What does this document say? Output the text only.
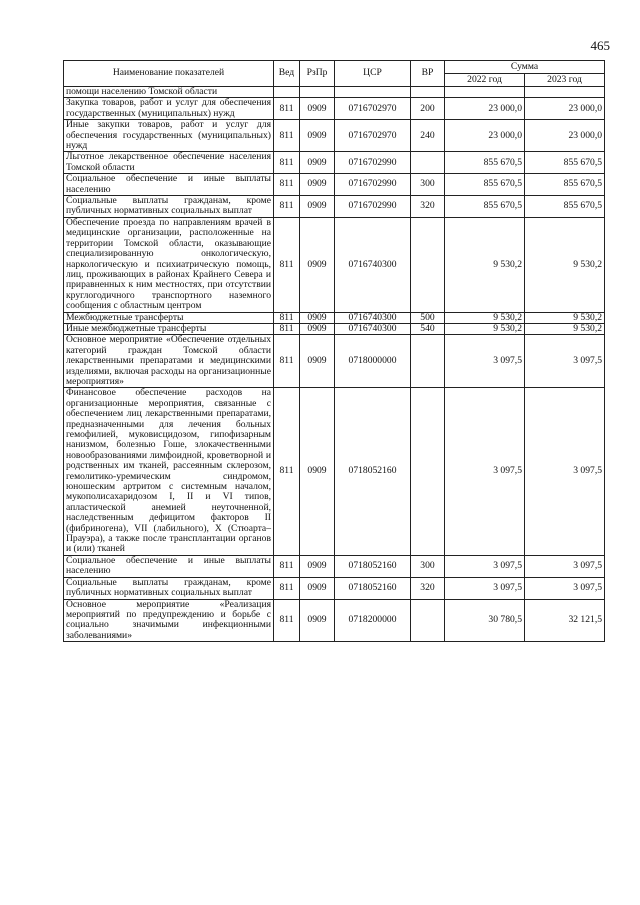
465
Наименование показателей	Вед	РзПр	ЦСР	ВР	Сумма	
					2022 год	2023 год
помощи населению Томской области						
Закупка товаров, работ и услуг для обеспечения государственных (муниципальных) нужд	811	0909	0716702970	200	23 000,0	23 000,0
Иные закупки товаров, работ и услуг для обеспечения государственных (муниципальных) нужд	811	0909	0716702970	240	23 000,0	23 000,0
Льготное лекарственное обеспечение населения Томской области	811	0909	0716702990		855 670,5	855 670,5
Социальное обеспечение и иные выплаты населению	811	0909	0716702990	300	855 670,5	855 670,5
Социальные выплаты гражданам, кроме публичных нормативных социальных выплат	811	0909	0716702990	320	855 670,5	855 670,5
Обеспечение проезда по направлениям врачей в медицинские организации, расположенные на территории Томской области, оказывающие специализированную онкологическую, наркологическую и психиатрическую помощь, лиц, проживающих в районах Крайнего Севера и приравненных к ним местностях, при отсутствии круглогодичного транспортного наземного сообщения с областным центром	811	0909	0716740300		9 530,2	9 530,2
Межбюджетные трансферты	811	0909	0716740300	500	9 530,2	9 530,2
Иные межбюджетные трансферты	811	0909	0716740300	540	9 530,2	9 530,2
Основное мероприятие «Обеспечение отдельных категорий граждан Томской области лекарственными препаратами и медицинскими изделиями, включая расходы на организационные мероприятия»	811	0909	0718000000		3 097,5	3 097,5
Финансовое обеспечение расходов на организационные мероприятия, связанные с обеспечением лиц лекарственными препаратами, предназначенными для лечения больных гемофилией, муковисцидозом, гипофизарным нанизмом, болезнью Гоше, злокачественными новообразованиями лимфоидной, кроветворной и родственных им тканей, рассеянным склерозом, гемолитико-уремическим синдромом, юношеским артритом с системным началом, мукополисахаридозом I, II и VI типов, апластической анемией неуточненной, наследственным дефицитом факторов II (фибриногена), VII (лабильного), X (Стюарта–Прауэра), а также после трансплантации органов и (или) тканей	811	0909	0718052160		3 097,5	3 097,5
Социальное обеспечение и иные выплаты населению	811	0909	0718052160	300	3 097,5	3 097,5
Социальные выплаты гражданам, кроме публичных нормативных социальных выплат	811	0909	0718052160	320	3 097,5	3 097,5
Основное мероприятие «Реализация мероприятий по предупреждению и борьбе с социально значимыми инфекционными заболеваниями»	811	0909	0718200000		30 780,5	32 121,5
